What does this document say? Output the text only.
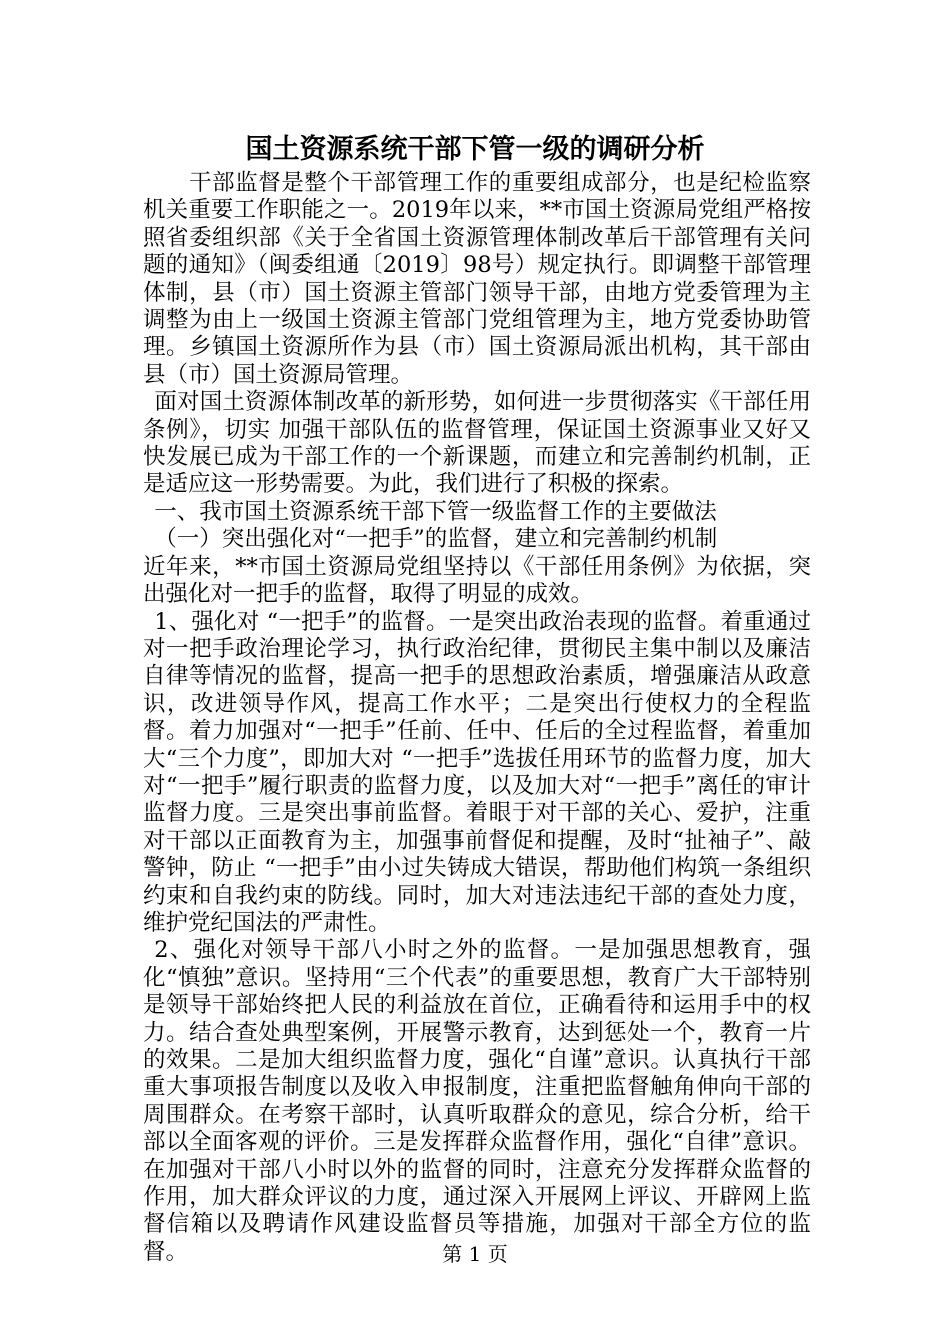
国土资源系统干部下管一级的调研分析

　　干部监督是整个干部管理工作的重要组成部分，也是纪检监察机关重要工作职能之一。2019年以来，**市国土资源局党组严格按照省委组织部《关于全省国土资源管理体制改革后干部管理有关问题的通知》（闽委组通〔2019〕98号）规定执行。即调整干部管理体制，县（市）国土资源主管部门领导干部，由地方党委管理为主调整为由上一级国土资源主管部门党组管理为主，地方党委协助管理。乡镇国土资源所作为县（市）国土资源局派出机构，其干部由县（市）国土资源局管理。

 面对国土资源体制改革的新形势，如何进一步贯彻落实《干部任用条例》，切实 加强干部队伍的监督管理，保证国土资源事业又好又快发展已成为干部工作的一个新课题，而建立和完善制约机制，正是适应这一形势需要。为此，我们进行了积极的探索。

 一、我市国土资源系统干部下管一级监督工作的主要做法

 （一）突出强化对“一把手”的监督，建立和完善制约机制

近年来，**市国土资源局党组坚持以《干部任用条例》为依据，突出强化对一把手的监督，取得了明显的成效。

 1、强化对 “一把手”的监督。一是突出政治表现的监督。着重通过对一把手政治理论学习，执行政治纪律，贯彻民主集中制以及廉洁自律等情况的监督，提高一把手的思想政治素质，增强廉洁从政意识，改进领导作风，提高工作水平；二是突出行使权力的全程监督。着力加强对“一把手”任前、任中、任后的全过程监督，着重加大“三个力度”，即加大对 “一把手”选拔任用环节的监督力度，加大对“一把手”履行职责的监督力度，以及加大对“一把手”离任的审计监督力度。三是突出事前监督。着眼于对干部的关心、爱护，注重对干部以正面教育为主，加强事前督促和提醒，及时“扯袖子”、敲警钟，防止 “一把手”由小过失铸成大错误，帮助他们构筑一条组织约束和自我约束的防线。同时，加大对违法违纪干部的查处力度，维护党纪国法的严肃性。

 2、强化对领导干部八小时之外的监督。一是加强思想教育，强化“慎独”意识。坚持用“三个代表”的重要思想，教育广大干部特别是领导干部始终把人民的利益放在首位，正确看待和运用手中的权力。结合查处典型案例，开展警示教育，达到惩处一个，教育一片的效果。二是加大组织监督力度，强化“自谨”意识。认真执行干部重大事项报告制度以及收入申报制度，注重把监督触角伸向干部的周围群众。在考察干部时，认真听取群众的意见，综合分析，给干部以全面客观的评价。三是发挥群众监督作用，强化“自律”意识。在加强对干部八小时以外的监督的同时，注意充分发挥群众监督的作用，加大群众评议的力度，通过深入开展网上评议、开辟网上监督信箱以及聘请作风建设监督员等措施，加强对干部全方位的监督。	第 1 页
